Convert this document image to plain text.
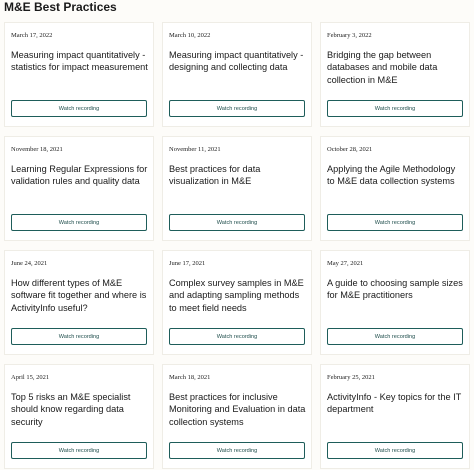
M&E Best Practices

March 17, 2022

Measuring impact quantitatively - statistics for impact measurement

Watch recording

March 10, 2022

Measuring impact quantitatively - designing and collecting data

Watch recording

February 3, 2022

Bridging the gap between databases and mobile data collection in M&E

Watch recording

November 18, 2021

Learning Regular Expressions for validation rules and quality data

Watch recording

November 11, 2021

Best practices for data visualization in M&E

Watch recording

October 28, 2021

Applying the Agile Methodology to M&E data collection systems

Watch recording

June 24, 2021

How different types of M&E software fit together and where is ActivityInfo useful?

Watch recording

June 17, 2021

Complex survey samples in M&E and adapting sampling methods to meet field needs

Watch recording

May 27, 2021

A guide to choosing sample sizes for M&E practitioners

Watch recording

April 15, 2021

Top 5 risks an M&E specialist should know regarding data security

Watch recording

March 18, 2021

Best practices for inclusive Monitoring and Evaluation in data collection systems

Watch recording

February 25, 2021

ActivityInfo - Key topics for the IT department

Watch recording
